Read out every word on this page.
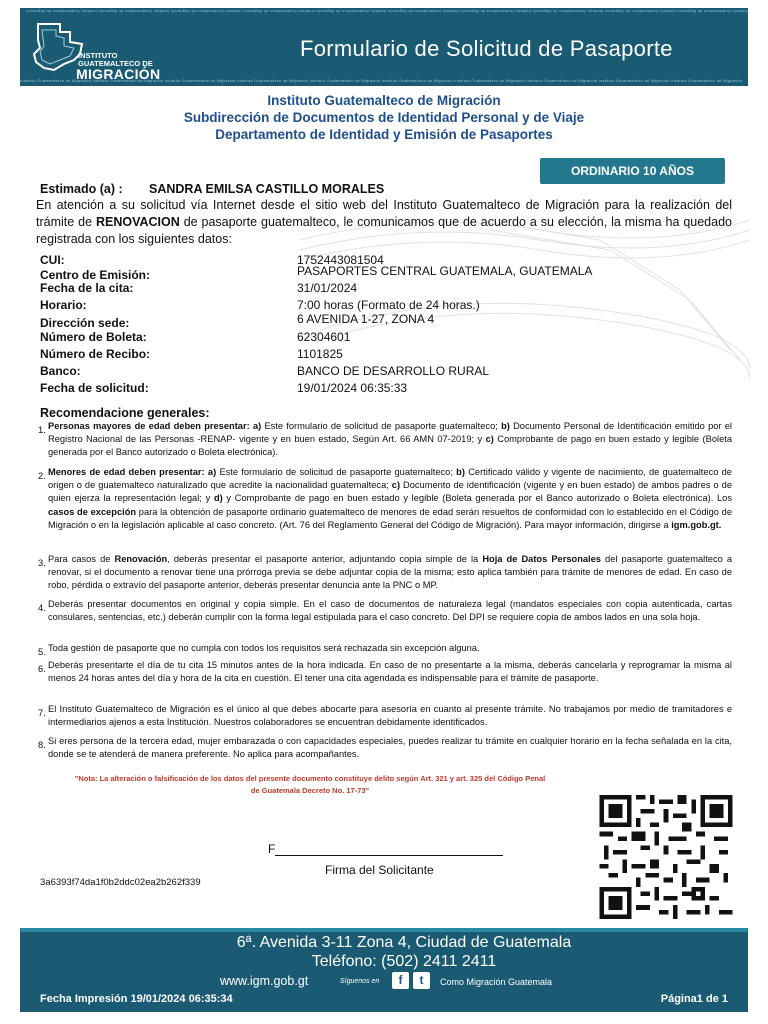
Instituto Guatemalteco de Migración Instituto Guatemalteco de Migración Instituto Guatemalteco de Migración Instituto Guatemalteco de Migración Instituto Guatemalteco de Migración Instituto Guatemalteco de Migración Instituto Guatemalteco de Migración Instituto Guatemalteco de Migración Instituto Guatemalteco de Migración Instituto Guatemalteco de Migración
INSTITUTO
GUATEMALTECO DE
MIGRACIÓN
Formulario de Solicitud de Pasaporte
Instituto Guatemalteco de Migración Instituto Guatemalteco de Migración Instituto Guatemalteco de Migración Instituto Guatemalteco de Migración Instituto Guatemalteco de Migración Instituto Guatemalteco de Migración Instituto Guatemalteco de Migración Instituto Guatemalteco de Migración Instituto Guatemalteco de Migración Instituto Guatemalteco de Migración
Instituto Guatemalteco de Migración
Subdirección de Documentos de Identidad Personal y de Viaje
Departamento de Identidad y Emisión de Pasaportes
ORDINARIO 10 AÑOS
Estimado (a) : SANDRA EMILSA CASTILLO MORALES
En atención a su solicitud vía Internet desde el sitio web del Instituto Guatemalteco de Migración para la realización del trámite de RENOVACION de pasaporte guatemalteco, le comunicamos que de acuerdo a su elección, la misma ha quedado registrada con los siguientes datos:
CUI:	1752443081504
Centro de Emisión:	PASAPORTES CENTRAL GUATEMALA, GUATEMALA
Fecha de la cita:	31/01/2024
Horario:	7:00 horas (Formato de 24 horas.)
Dirección sede:	6 AVENIDA 1-27, ZONA 4
Número de Boleta:	62304601
Número de Recibo:	1101825
Banco:	BANCO DE DESARROLLO RURAL
Fecha de solicitud:	19/01/2024 06:35:33
Recomendacione generales:
1. Personas mayores de edad deben presentar: a) Este formulario de solicitud de pasaporte guatemalteco; b) Documento Personal de Identificación emitido por el Registro Nacional de las Personas -RENAP- vigente y en buen estado, Según Art. 66 AMN 07-2019; y c) Comprobante de pago en buen estado y legible (Boleta generada por el Banco autorizado o Boleta electrónica).
2. Menores de edad deben presentar: a) Este formulario de solicitud de pasaporte guatemalteco; b) Certificado válido y vigente de nacimiento, de guatemalteco de origen o de guatemalteco naturalizado que acredite la nacionalidad guatemalteca; c) Documento de identificación (vigente y en buen estado) de ambos padres o de quien ejerza la representación legal; y d) y Comprobante de pago en buen estado y legible (Boleta generada por el Banco autorizado o Boleta electrónica). Los casos de excepción para la obtención de pasaporte ordinario guatemalteco de menores de edad serán resueltos de conformidad con lo establecido en el Código de Migración o en la legislación aplicable al caso concreto. (Art. 76 del Reglamento General del Código de Migración). Para mayor información, dirigirse a igm.gob.gt.
3. Para casos de Renovación, deberás presentar el pasaporte anterior, adjuntando copia simple de la Hoja de Datos Personales del pasaporte guatemalteco a renovar, si el documento a renovar tiene una prórroga previa se debe adjuntar copia de la misma; esto aplica también para trámite de menores de edad. En caso de robo, pérdida o extravío del pasaporte anterior, deberás presentar denuncia ante la PNC o MP.
4. Deberás presentar documentos en original y copia simple. En el caso de documentos de naturaleza legal (mandatos especiales con copia autenticada, cartas consulares, sentencias, etc.) deberán cumplir con la forma legal estipulada para el caso concreto. Del DPI se requiere copia de ambos lados en una sola hoja.
5. Toda gestión de pasaporte que no cumpla con todos los requisitos será rechazada sin excepción alguna.
6. Deberás presentarte el día de tu cita 15 minutos antes de la hora indicada. En caso de no presentarte a la misma, deberás cancelarla y reprogramar la misma al menos 24 horas antes del día y hora de la cita en cuestión. El tener una cita agendada es indispensable para el trámite de pasaporte.
7. El Instituto Guatemalteco de Migración es el único al que debes abocarte para asesoría en cuanto al presente trámite. No trabajamos por medio de tramitadores e intermediarios ajenos a esta Institución. Nuestros colaboradores se encuentran debidamente identificados.
8. Si eres persona de la tercera edad, mujer embarazada o con capacidades especiales, puedes realizar tu trámite en cualquier horario en la fecha señalada en la cita, donde se te atenderá de manera preferente. No aplica para acompañantes.
"Nota: La alteración o falsificación de los datos del presente documento constituye delito según Art. 321 y art. 325 del Código Penal
de Guatemala Decreto No. 17-73"
F
Firma del Solicitante
3a6393f74da1f0b2ddc02ea2b262f339
6ª. Avenida 3-11 Zona 4, Ciudad de Guatemala
Teléfono: (502) 2411 2411
www.igm.gob.gt	Síguenos en	f	t	Como Migración Guatemala
Fecha Impresión 19/01/2024 06:35:34	Página1 de 1
